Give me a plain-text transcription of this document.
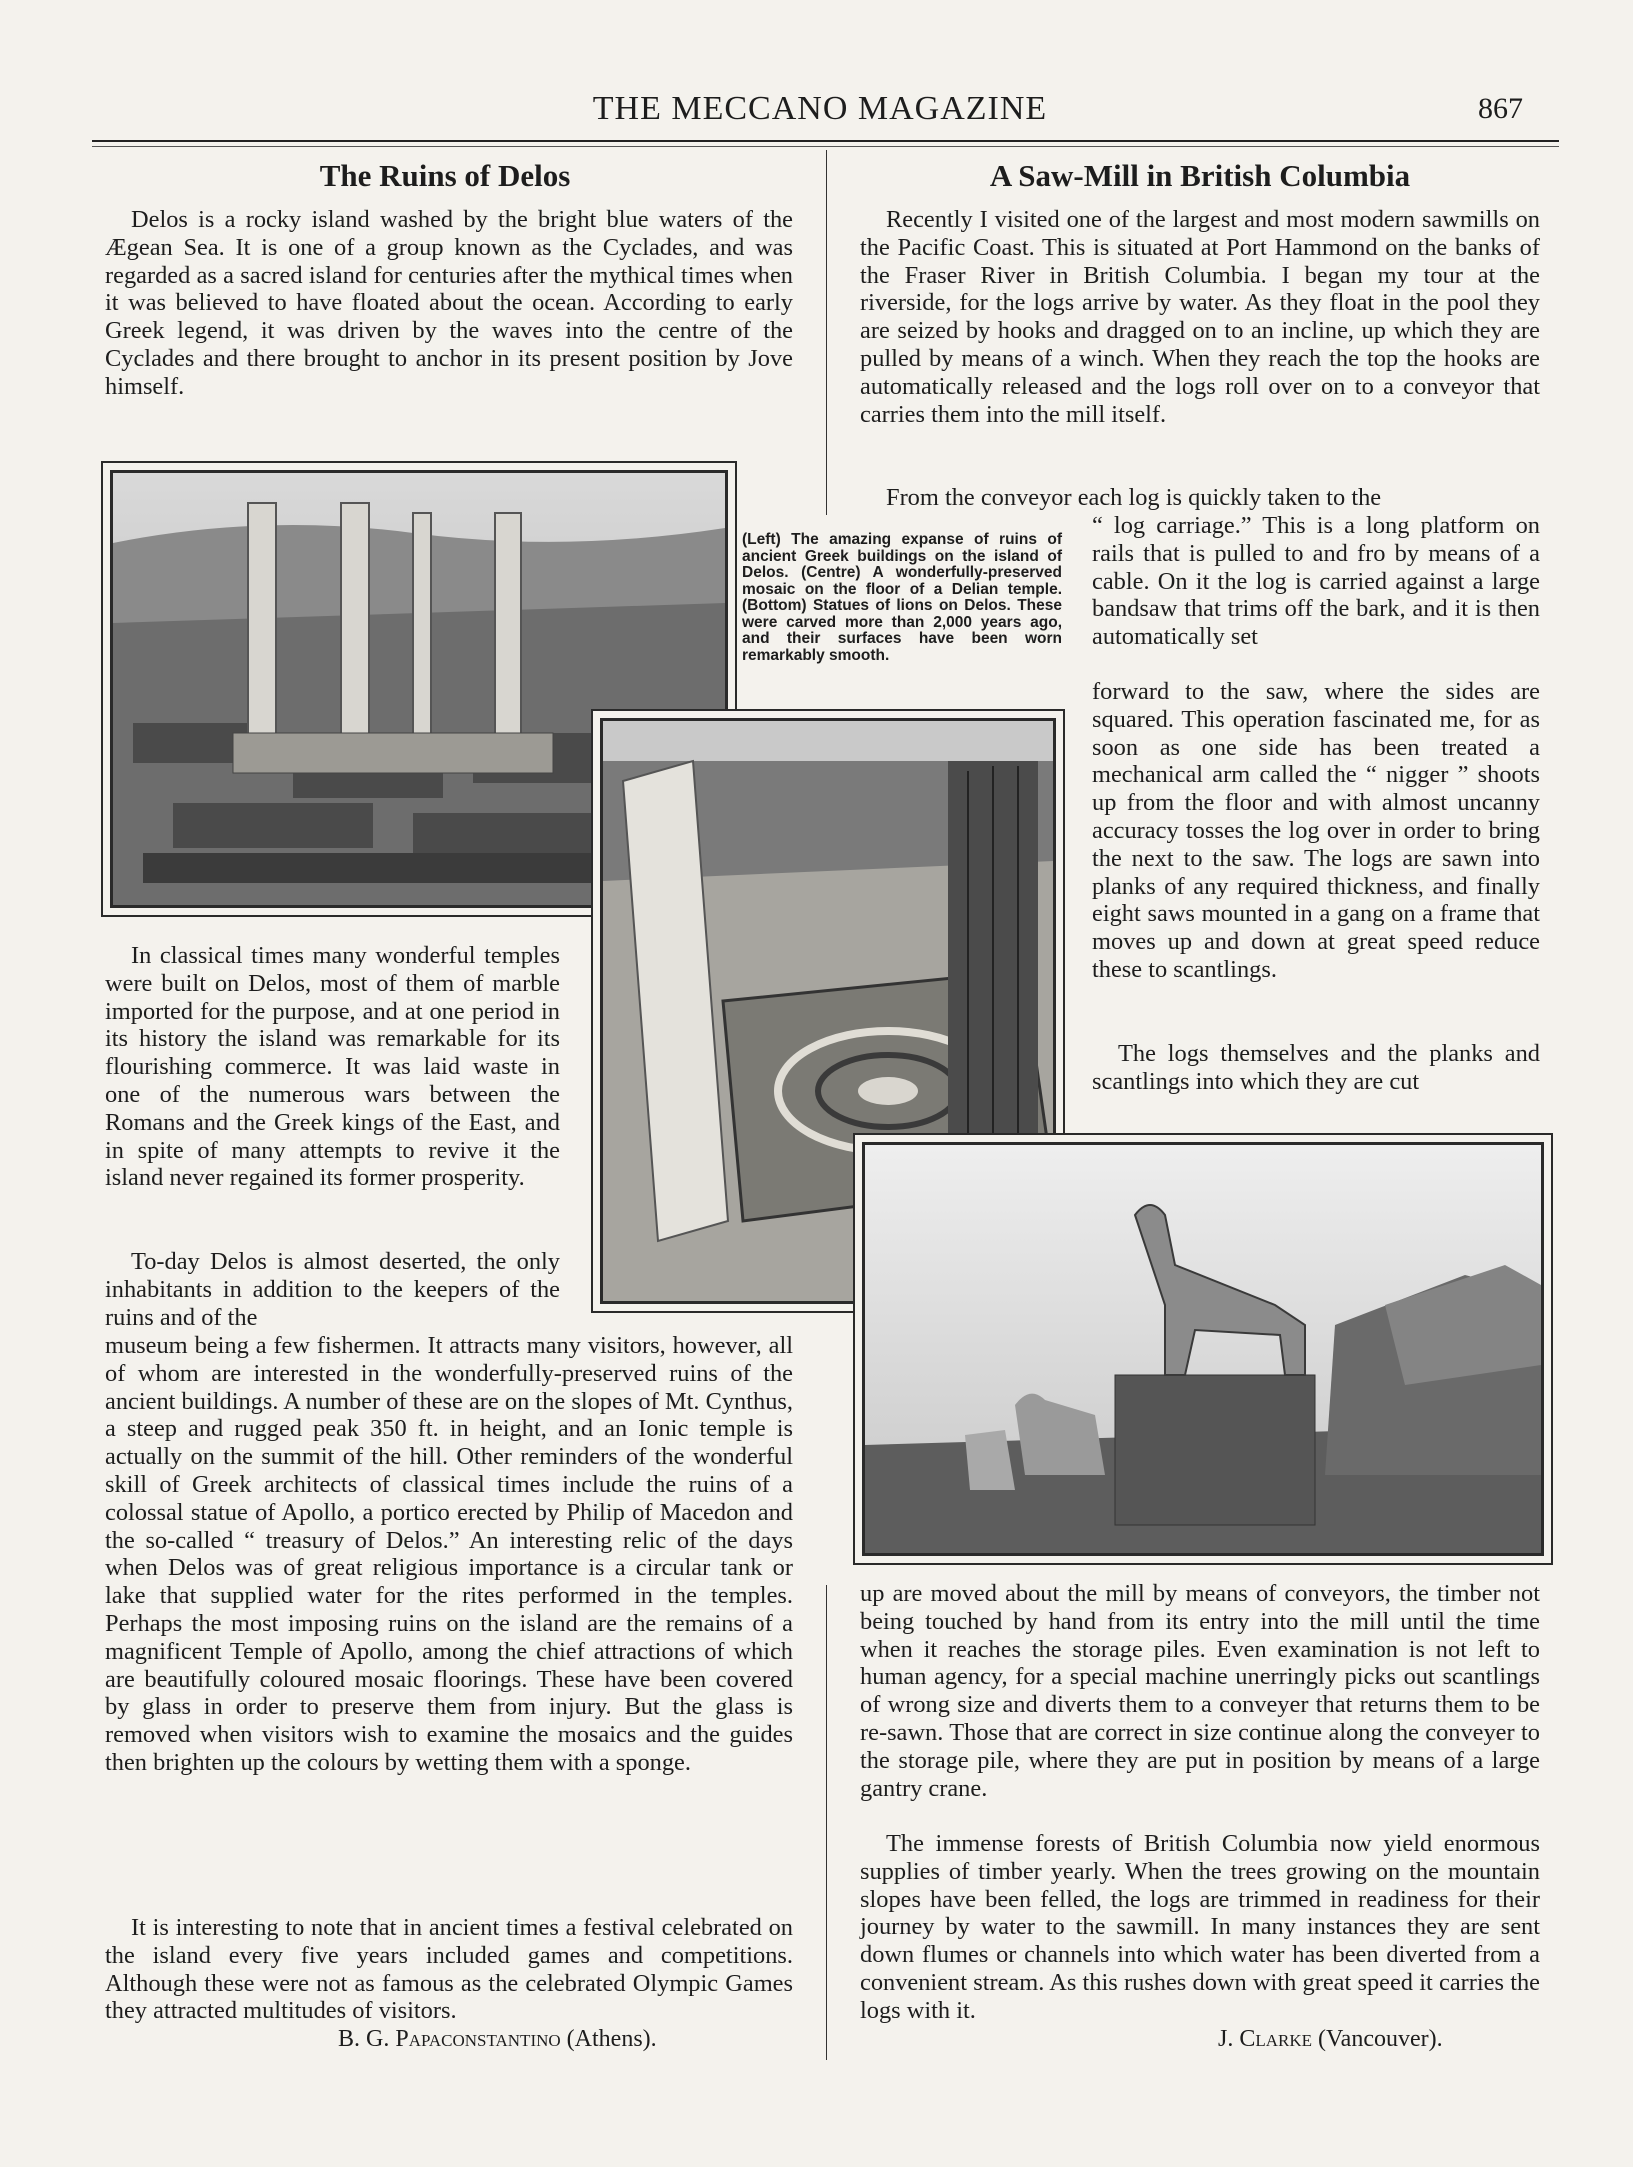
THE MECCANO MAGAZINE	867
The Ruins of Delos

Delos is a rocky island washed by the bright blue waters of the Ægean Sea. It is one of a group known as the Cyclades, and was regarded as a sacred island for centuries after the mythical times when it was believed to have floated about the ocean. According to early Greek legend, it was driven by the waves into the centre of the Cyclades and there brought to anchor in its present position by Jove himself.

In classical times many wonderful temples were built on Delos, most of them of marble imported for the purpose, and at one period in its history the island was remarkable for its flourishing commerce. It was laid waste in one of the numerous wars between the Romans and the Greek kings of the East, and in spite of many attempts to revive it the island never regained its former prosperity.

To-day Delos is almost deserted, the only inhabitants in addition to the keepers of the ruins and of the

museum being a few fishermen. It attracts many visitors, however, all of whom are interested in the wonderfully-preserved ruins of the ancient buildings. A number of these are on the slopes of Mt. Cynthus, a steep and rugged peak 350 ft. in height, and an Ionic temple is actually on the summit of the hill. Other reminders of the wonderful skill of Greek architects of classical times include the ruins of a colossal statue of Apollo, a portico erected by Philip of Macedon and the so-called “ treasury of Delos.” An interesting relic of the days when Delos was of great religious importance is a circular tank or lake that supplied water for the rites performed in the temples. Perhaps the most imposing ruins on the island are the remains of a magnificent Temple of Apollo, among the chief attractions of which are beautifully coloured mosaic floorings. These have been covered by glass in order to preserve them from injury. But the glass is removed when visitors wish to examine the mosaics and the guides then brighten up the colours by wetting them with a sponge.

It is interesting to note that in ancient times a festival celebrated on the island every five years included games and competitions. Although these were not as famous as the celebrated Olympic Games they attracted multitudes of visitors.

B. G. Papaconstantino (Athens).

A Saw-Mill in British Columbia

Recently I visited one of the largest and most modern sawmills on the Pacific Coast. This is situated at Port Hammond on the banks of the Fraser River in British Columbia. I began my tour at the riverside, for the logs arrive by water. As they float in the pool they are seized by hooks and dragged on to an incline, up which they are pulled by means of a winch. When they reach the top the hooks are automatically released and the logs roll over on to a conveyor that carries them into the mill itself.

From the conveyor each log is quickly taken to the

“ log carriage.” This is a long platform on rails that is pulled to and fro by means of a cable. On it the log is carried against a large bandsaw that trims off the bark, and it is then automatically set

forward to the saw, where the sides are squared. This operation fascinated me, for as soon as one side has been treated a mechanical arm called the “ nigger ” shoots up from the floor and with almost uncanny accuracy tosses the log over in order to bring the next to the saw. The logs are sawn into planks of any required thickness, and finally eight saws mounted in a gang on a frame that moves up and down at great speed reduce these to scantlings.

The logs themselves and the planks and scantlings into which they are cut

up are moved about the mill by means of conveyors, the timber not being touched by hand from its entry into the mill until the time when it reaches the storage piles. Even examination is not left to human agency, for a special machine unerringly picks out scantlings of wrong size and diverts them to a conveyer that returns them to be re-sawn. Those that are correct in size continue along the conveyer to the storage pile, where they are put in position by means of a large gantry crane.

The immense forests of British Columbia now yield enormous supplies of timber yearly. When the trees growing on the mountain slopes have been felled, the logs are trimmed in readiness for their journey by water to the sawmill. In many instances they are sent down flumes or channels into which water has been diverted from a convenient stream. As this rushes down with great speed it carries the logs with it.

J. Clarke (Vancouver).

(Left) The amazing expanse of ruins of ancient Greek buildings on the island of Delos. (Centre) A wonderfully-preserved mosaic on the floor of a Delian temple. (Bottom) Statues of lions on Delos. These were carved more than 2,000 years ago, and their surfaces have been worn remarkably smooth.
